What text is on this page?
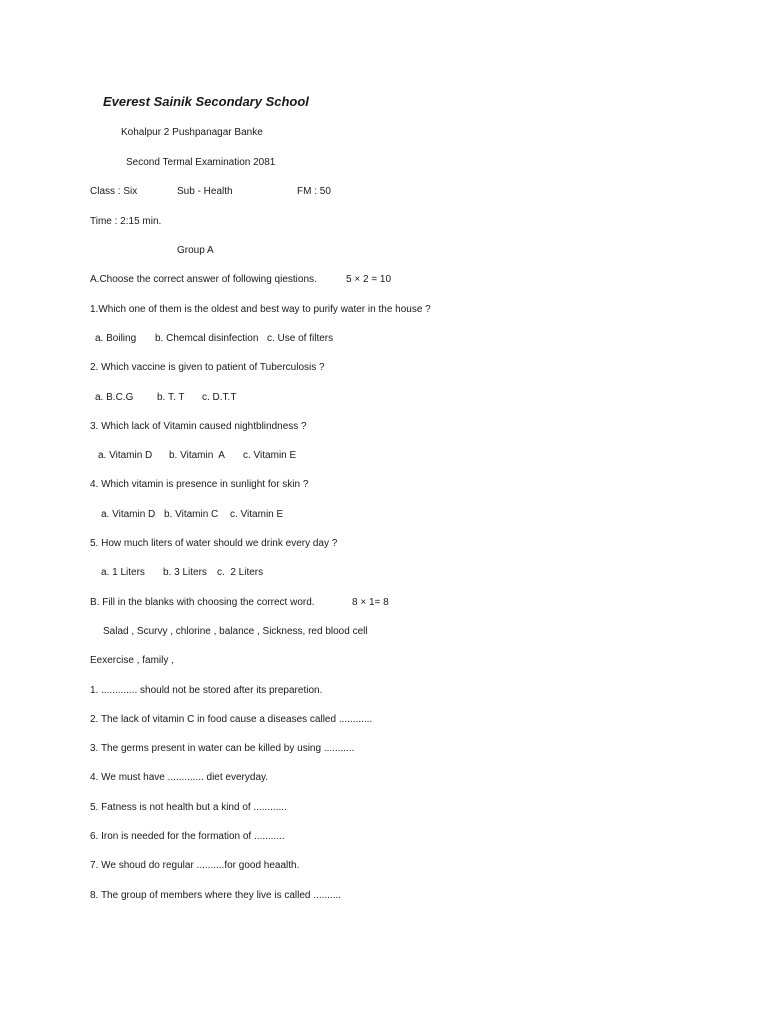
Everest Sainik Secondary School
Kohalpur 2 Pushpanagar Banke
Second Termal Examination 2081
Class : Six	Sub - Health	FM : 50
Time : 2:15 min.
Group A
A.Choose the correct answer of following qiestions.	5 × 2 = 10
1.Which one of them is the oldest and best way to purify water in the house ?
a. Boiling b. Chemcal disinfection c. Use of filters
2. Which vaccine is given to patient of Tuberculosis ?
a. B.C.G b. T. T c. D.T.T
3. Which lack of Vitamin caused nightblindness ?
a. Vitamin D b. Vitamin  A c. Vitamin E
4. Which vitamin is presence in sunlight for skin ?
a. Vitamin D b. Vitamin C c. Vitamin E
5. How much liters of water should we drink every day ?
a. 1 Liters b. 3 Liters c.  2 Liters
B. Fill in the blanks with choosing the correct word.	8 × 1= 8
Salad , Scurvy , chlorine , balance , Sickness, red blood cell
Eexercise , family ,
1. ............. should not be stored after its preparetion.
2. The lack of vitamin C in food cause a diseases called ............
3. The germs present in water can be killed by using ...........
4. We must have ............. diet everyday.
5. Fatness is not health but a kind of ............
6. Iron is needed for the formation of ...........
7. We shoud do regular ..........for good heaalth.
8. The group of members where they live is called ..........
